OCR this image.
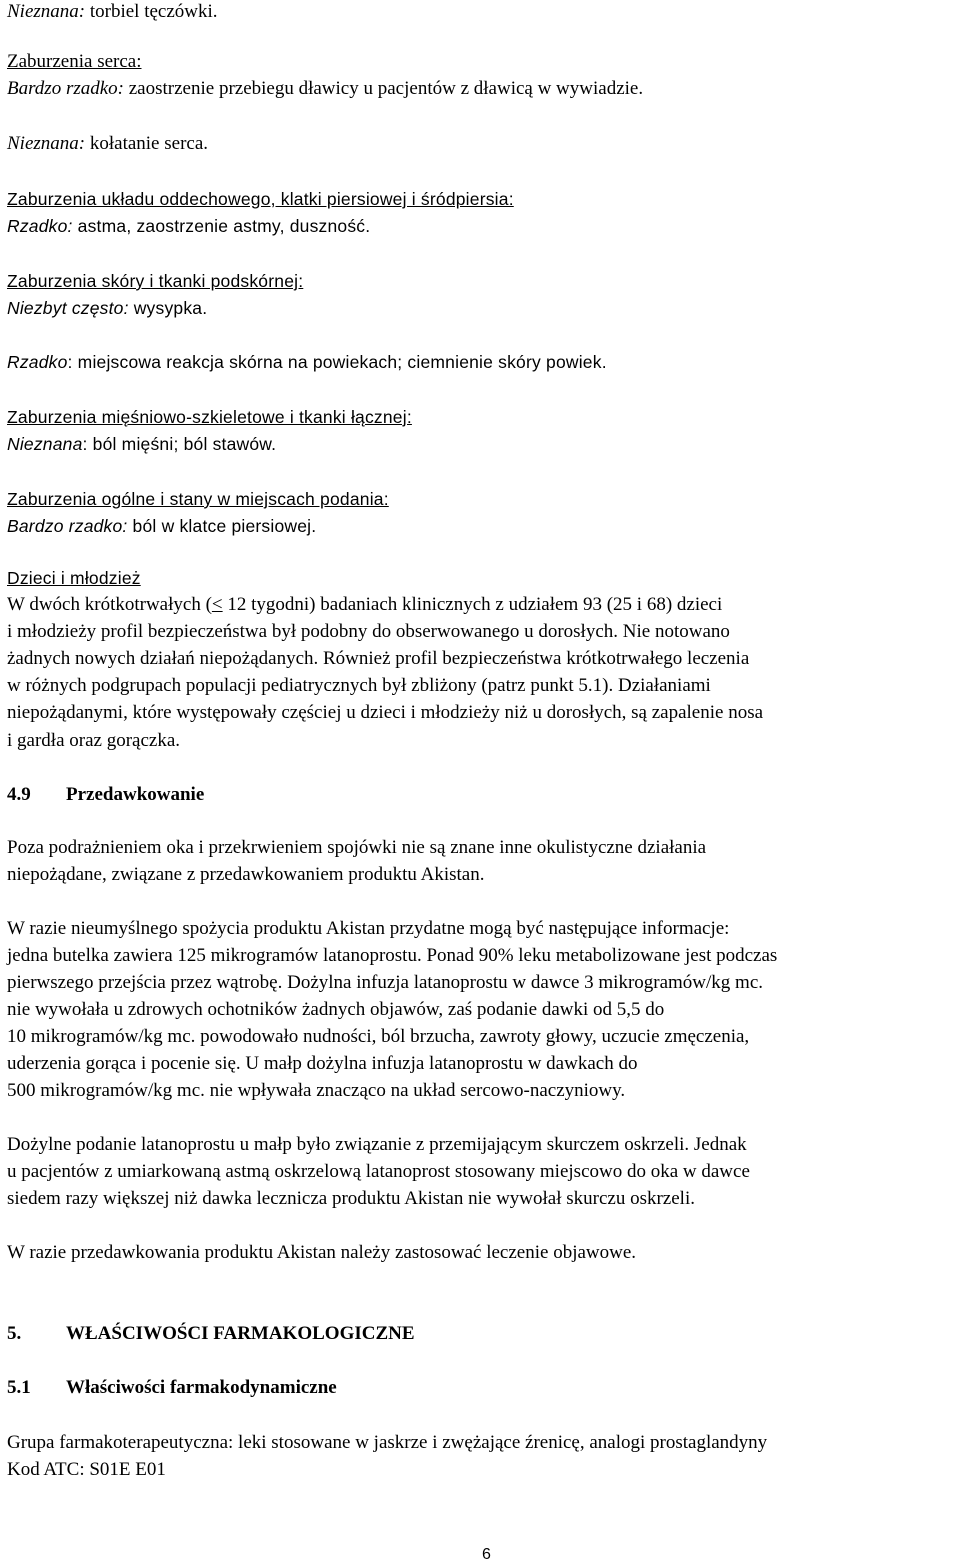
Nieznana: torbiel tęczówki.
Zaburzenia serca:
Bardzo rzadko: zaostrzenie przebiegu dławicy u pacjentów z dławicą w wywiadzie.
Nieznana: kołatanie serca.
Zaburzenia układu oddechowego, klatki piersiowej i śródpiersia:
Rzadko: astma, zaostrzenie astmy, duszność.
Zaburzenia skóry i tkanki podskórnej:
Niezbyt często: wysypka.
Rzadko: miejscowa reakcja skórna na powiekach; ciemnienie skóry powiek.
Zaburzenia mięśniowo-szkieletowe i tkanki łącznej:
Nieznana: ból mięśni; ból stawów.
Zaburzenia ogólne i stany w miejscach podania:
Bardzo rzadko: ból w klatce piersiowej.
Dzieci i młodzież
W dwóch krótkotrwałych (< 12 tygodni) badaniach klinicznych z udziałem 93 (25 i 68) dzieci
i młodzieży profil bezpieczeństwa był podobny do obserwowanego u dorosłych. Nie notowano
żadnych nowych działań niepożądanych. Również profil bezpieczeństwa krótkotrwałego leczenia
w różnych podgrupach populacji pediatrycznych był zbliżony (patrz punkt 5.1). Działaniami
niepożądanymi, które występowały częściej u dzieci i młodzieży niż u dorosłych, są zapalenie nosa
i gardła oraz gorączka.
4.9 Przedawkowanie
Poza podrażnieniem oka i przekrwieniem spojówki nie są znane inne okulistyczne działania
niepożądane, związane z przedawkowaniem produktu Akistan.
W razie nieumyślnego spożycia produktu Akistan przydatne mogą być następujące informacje:
jedna butelka zawiera 125 mikrogramów latanoprostu. Ponad 90% leku metabolizowane jest podczas
pierwszego przejścia przez wątrobę. Dożylna infuzja latanoprostu w dawce 3 mikrogramów/kg mc.
nie wywołała u zdrowych ochotników żadnych objawów, zaś podanie dawki od 5,5 do
10 mikrogramów/kg mc. powodowało nudności, ból brzucha, zawroty głowy, uczucie zmęczenia,
uderzenia gorąca i pocenie się. U małp dożylna infuzja latanoprostu w dawkach do
500 mikrogramów/kg mc. nie wpływała znacząco na układ sercowo-naczyniowy.
Dożylne podanie latanoprostu u małp było związanie z przemijającym skurczem oskrzeli. Jednak
u pacjentów z umiarkowaną astmą oskrzelową latanoprost stosowany miejscowo do oka w dawce
siedem razy większej niż dawka lecznicza produktu Akistan nie wywołał skurczu oskrzeli.
W razie przedawkowania produktu Akistan należy zastosować leczenie objawowe.
5. WŁAŚCIWOŚCI FARMAKOLOGICZNE
5.1 Właściwości farmakodynamiczne
Grupa farmakoterapeutyczna: leki stosowane w jaskrze i zwężające źrenicę, analogi prostaglandyny
Kod ATC: S01E E01
6
